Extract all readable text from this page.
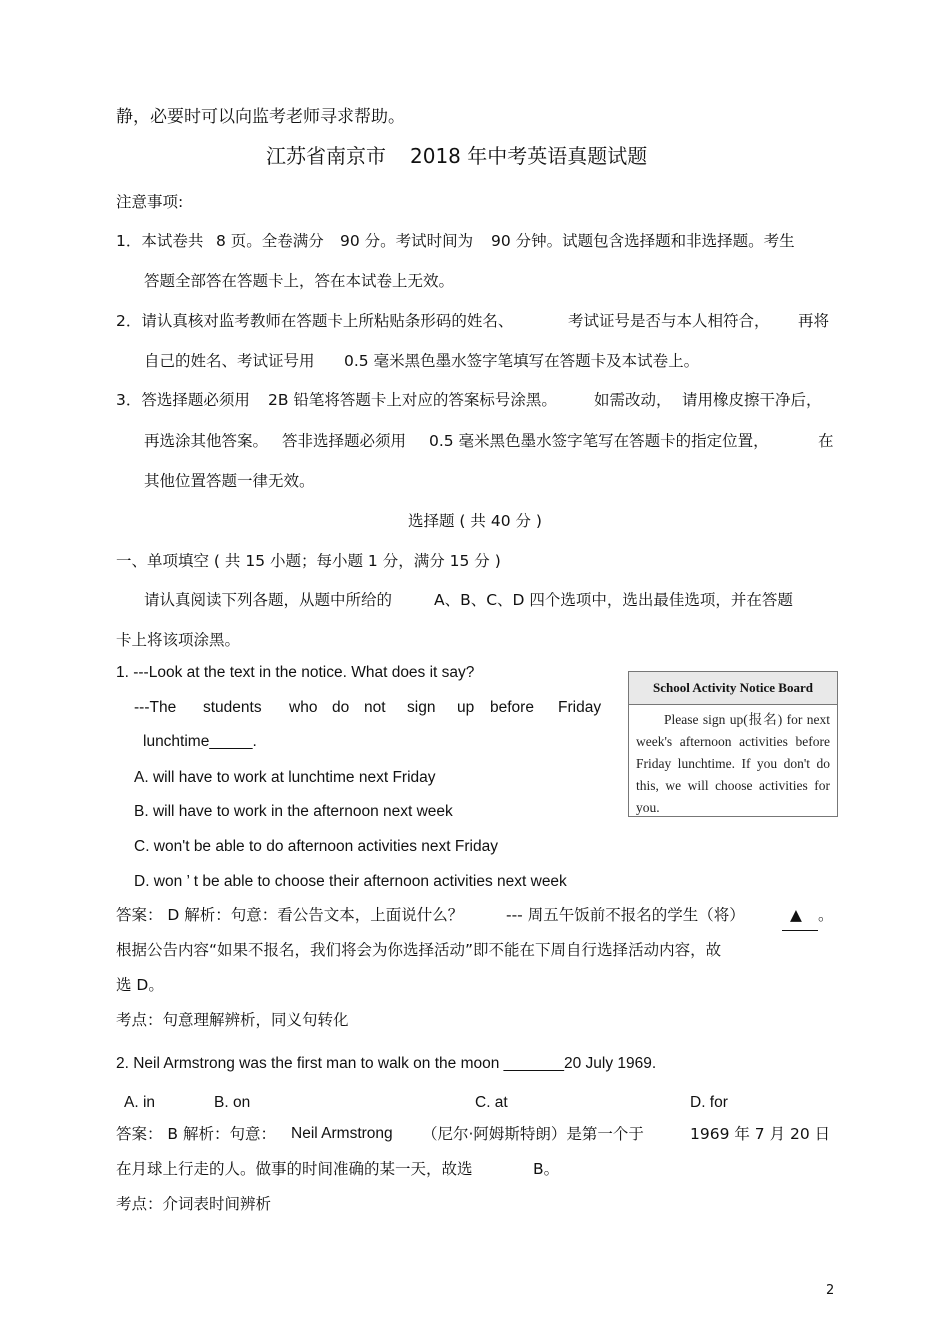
静，必要时可以向监考老师寻求帮助。
江苏省南京市 2018 年中考英语真题试题
注意事项:
1．本试卷共 8 页。全卷满分 90 分。考试时间为 90 分钟。试题包含选择题和非选择题。考生
答题全部答在答题卡上，答在本试卷上无效。
2．请认真核对监考教师在答题卡上所粘贴条形码的姓名、	考试证号是否与本人相符合， 再将
自己的姓名、考试证号用 0.5 毫米黑色墨水签字笔填写在答题卡及本试卷上。
3．答选择题必须用 2B 铅笔将答题卡上对应的答案标号涂黑。 如需改动， 请用橡皮擦干净后，
再选涂其他答案。 答非选择题必须用 0.5 毫米黑色墨水签字笔写在答题卡的指定位置，	在
其他位置答题一律无效。
选择题 ( 共 40 分 )
一、单项填空 ( 共 15 小题；每小题 1 分，满分 15 分 )
请认真阅读下列各题，从题中所给的	A、B、C、D 四个选项中，选出最佳选项，并在答题
卡上将该项涂黑。
1. ---Look at the text in the notice. What does it say?
---The students who do not sign up before Friday
lunchtime_____.
A. will have to work at lunchtime next Friday
B. will have to work in the afternoon next week
C. won't be able to do afternoon activities next Friday
D. won ’ t be able to choose their afternoon activities next week
School Activity Notice Board
Please sign up(报名) for next week's afternoon activities before Friday lunchtime. If you don't do this, we will choose activities for you.
答案： D 解析：句意：看公告文本，上面说什么？	--- 周五午饭前不报名的学生（将）	▲ 。
根据公告内容“如果不报名，我们将会为你选择活动”即不能在下周自行选择活动内容，故
选 D。
考点：句意理解辨析，同义句转化
2. Neil Armstrong was the first man to walk on the moon _______20 July 1969.
A. in	B. on	C. at	D. for
答案： B 解析：句意： Neil Armstrong （尼尔·阿姆斯特朗）是第一个于	1969 年 7 月 20 日
在月球上行走的人。做事的时间准确的某一天，故选	B。
考点：介词表时间辨析
2
